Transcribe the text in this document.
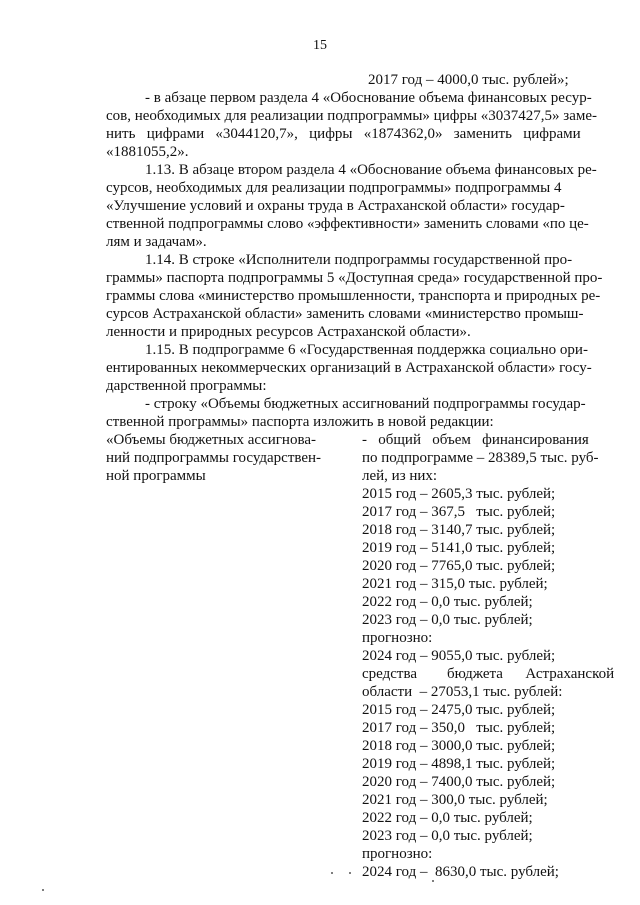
15
2017 год – 4000,0 тыс. рублей»;
- в абзаце первом раздела 4 «Обоснование объема финансовых ресур-
сов, необходимых для реализации подпрограммы» цифры «3037427,5» заме-
нить   цифрами   «3044120,7»,   цифры   «1874362,0»   заменить   цифрами
«1881055,2».
1.13. В абзаце втором раздела 4 «Обоснование объема финансовых ре-
сурсов, необходимых для реализации подпрограммы» подпрограммы 4
«Улучшение условий и охраны труда в Астраханской области» государ-
ственной подпрограммы слово «эффективности» заменить словами «по це-
лям и задачам».
1.14. В строке «Исполнители подпрограммы государственной про-
граммы» паспорта подпрограммы 5 «Доступная среда» государственной про-
граммы слова «министерство промышленности, транспорта и природных ре-
сурсов Астраханской области» заменить словами «министерство промыш-
ленности и природных ресурсов Астраханской области».
1.15. В подпрограмме 6 «Государственная поддержка социально ори-
ентированных некоммерческих организаций в Астраханской области» госу-
дарственной программы:
- строку «Объемы бюджетных ассигнований подпрограммы государ-
ственной программы» паспорта изложить в новой редакции:
«Объемы бюджетных ассигнова-
ний подпрограммы государствен-
ной программы
-   общий   объем   финансирования
по подпрограмме – 28389,5 тыс. руб-
лей, из них:
2015 год – 2605,3 тыс. рублей;
2017 год – 367,5   тыс. рублей;
2018 год – 3140,7 тыс. рублей;
2019 год – 5141,0 тыс. рублей;
2020 год – 7765,0 тыс. рублей;
2021 год – 315,0 тыс. рублей;
2022 год – 0,0 тыс. рублей;
2023 год – 0,0 тыс. рублей;
прогнозно:
2024 год – 9055,0 тыс. рублей;
средства        бюджета      Астраханской
области  – 27053,1 тыс. рублей:
2015 год – 2475,0 тыс. рублей;
2017 год – 350,0   тыс. рублей;
2018 год – 3000,0 тыс. рублей;
2019 год – 4898,1 тыс. рублей;
2020 год – 7400,0 тыс. рублей;
2021 год – 300,0 тыс. рублей;
2022 год – 0,0 тыс. рублей;
2023 год – 0,0 тыс. рублей;
прогнозно:
2024 год –  8630,0 тыс. рублей;
